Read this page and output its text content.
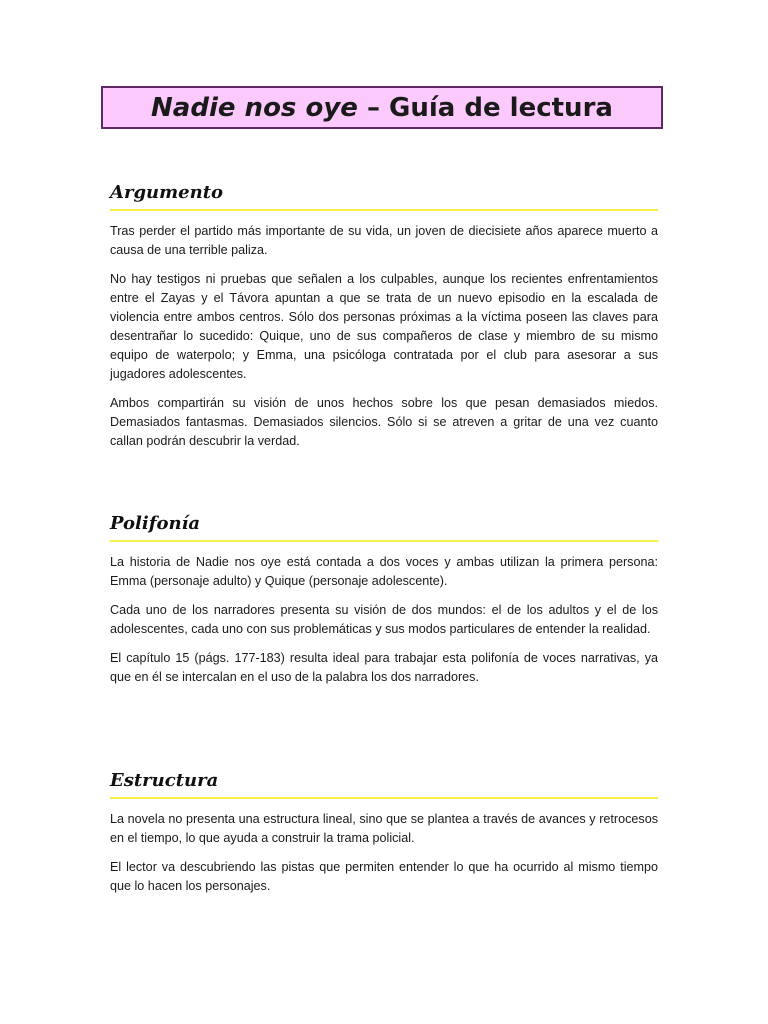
Nadie nos oye – Guía de lectura
Argumento

Tras perder el partido más importante de su vida, un joven de diecisiete años aparece muerto a causa de una terrible paliza.

No hay testigos ni pruebas que señalen a los culpables, aunque los recientes enfrentamientos entre el Zayas y el Távora apuntan a que se trata de un nuevo episodio en la escalada de violencia entre ambos centros. Sólo dos personas próximas a la víctima poseen las claves para desentrañar lo sucedido: Quique, uno de sus compañeros de clase y miembro de su mismo equipo de waterpolo; y Emma, una psicóloga contratada por el club para asesorar a sus jugadores adolescentes.

Ambos compartirán su visión de unos hechos sobre los que pesan demasiados miedos. Demasiados fantasmas. Demasiados silencios. Sólo si se atreven a gritar de una vez cuanto callan podrán descubrir la verdad.

Polifonía

La historia de Nadie nos oye está contada a dos voces y ambas utilizan la primera persona: Emma (personaje adulto) y Quique (personaje adolescente).

Cada uno de los narradores presenta su visión de dos mundos: el de los adultos y el de los adolescentes, cada uno con sus problemáticas y sus modos particulares de entender la realidad.

El capítulo 15 (págs. 177-183) resulta ideal para trabajar esta polifonía de voces narrativas, ya que en él se intercalan en el uso de la palabra los dos narradores.

Estructura

La novela no presenta una estructura lineal, sino que se plantea a través de avances y retrocesos en el tiempo, lo que ayuda a construir la trama policial.

El lector va descubriendo las pistas que permiten entender lo que ha ocurrido al mismo tiempo que lo hacen los personajes.
